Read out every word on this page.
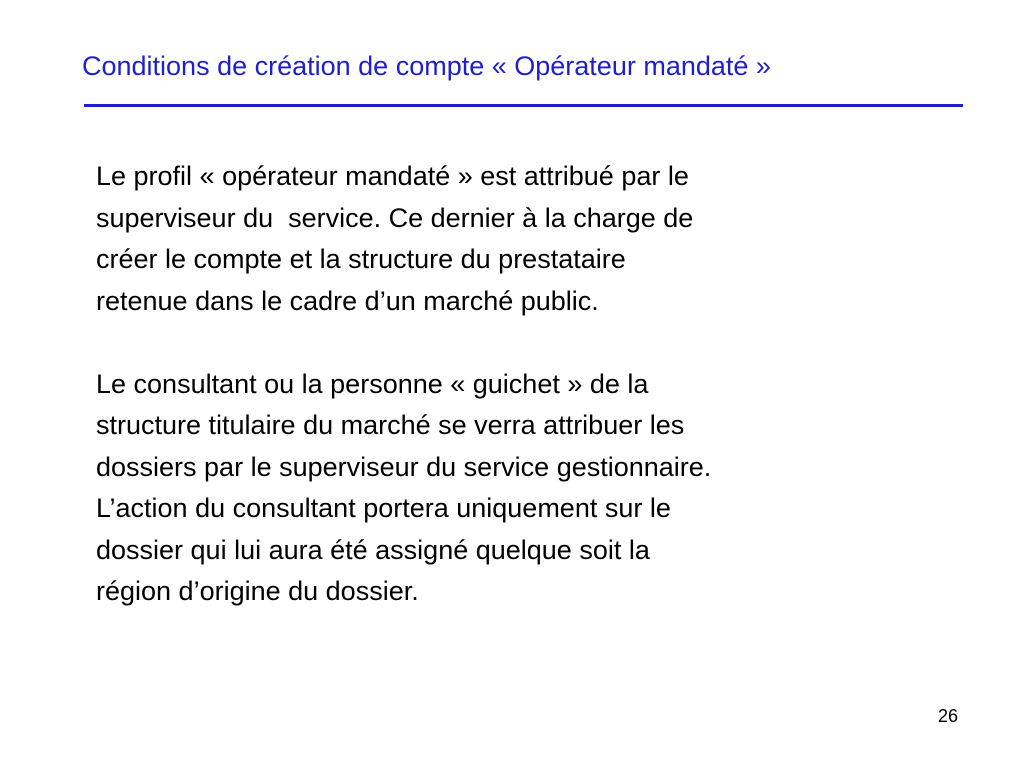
Conditions de création de compte « Opérateur mandaté »
Le profil « opérateur mandaté » est attribué par le
superviseur du  service. Ce dernier à la charge de
créer le compte et la structure du prestataire
retenue dans le cadre d’un marché public.
Le consultant ou la personne « guichet » de la
structure titulaire du marché se verra attribuer les
dossiers par le superviseur du service gestionnaire.
L’action du consultant portera uniquement sur le
dossier qui lui aura été assigné quelque soit la
région d’origine du dossier.
26
